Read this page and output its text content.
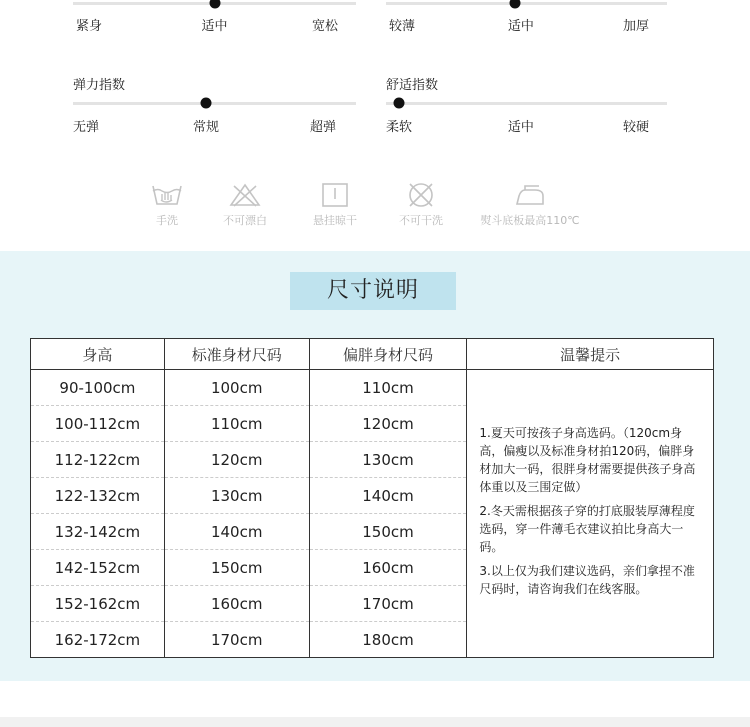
紧身	适中	宽松	较薄	适中	加厚
弹力指数
无弹	常规	超弹
舒适指数
柔软	适中	较硬
手洗	不可漂白	悬挂晾干	不可干洗	熨斗底板最高110℃
尺寸说明
身高	标准身材尺码	偏胖身材尺码	温馨提示
90-100cm	100cm	110cm	1.夏天可按孩子身高选码。（120cm身高，偏瘦以及标准身材拍120码，偏胖身材加大一码，很胖身材需要提供孩子身高体重以及三围定做）

2.冬天需根据孩子穿的打底服装厚薄程度选码，穿一件薄毛衣建议拍比身高大一码。

3.以上仅为我们建议选码，亲们拿捏不准尺码时，请咨询我们在线客服。

100-112cm	110cm	120cm	
112-122cm	120cm	130cm	
122-132cm	130cm	140cm	
132-142cm	140cm	150cm	
142-152cm	150cm	160cm	
152-162cm	160cm	170cm	
162-172cm	170cm	180cm	
